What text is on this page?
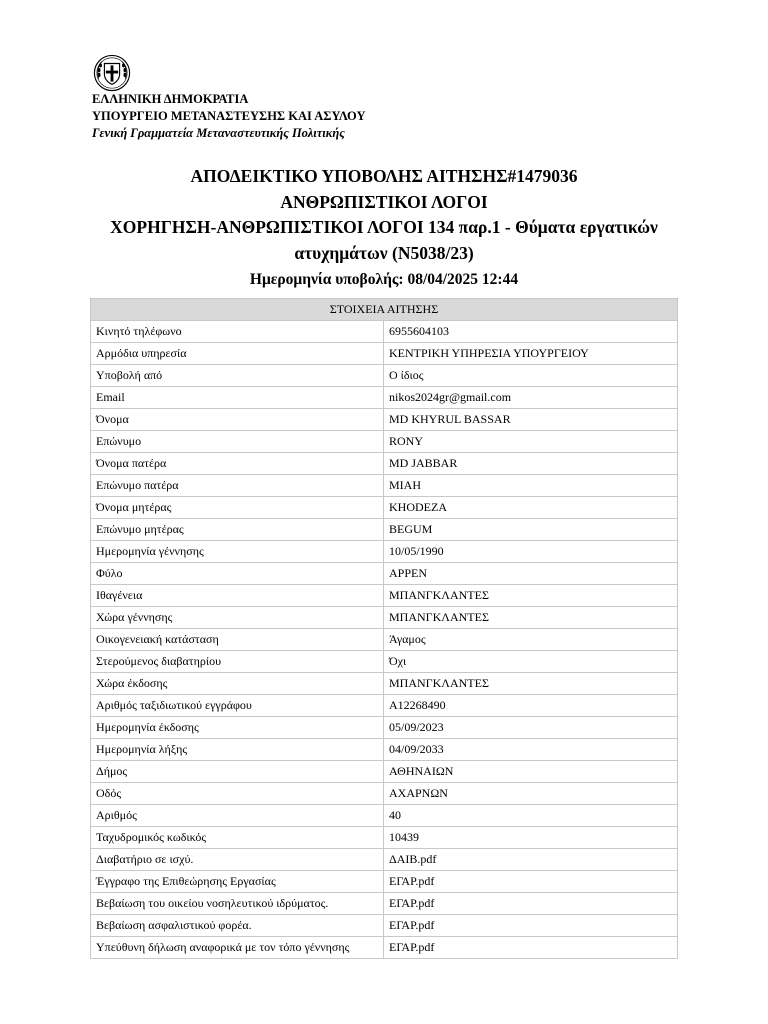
ΕΛΛΗΝΙΚΗ ΔΗΜΟΚΡΑΤΙΑ
ΥΠΟΥΡΓΕΙΟ ΜΕΤΑΝΑΣΤΕΥΣΗΣ ΚΑΙ ΑΣΥΛΟΥ
Γενική Γραμματεία Μεταναστευτικής Πολιτικής
ΑΠΟΔΕΙΚΤΙΚΟ ΥΠΟΒΟΛΗΣ ΑΙΤΗΣΗΣ#1479036
ΑΝΘΡΩΠΙΣΤΙΚΟΙ ΛΟΓΟΙ
ΧΟΡΗΓΗΣΗ-ΑΝΘΡΩΠΙΣΤΙΚΟΙ ΛΟΓΟΙ 134 παρ.1 - Θύματα εργατικών
ατυχημάτων (N5038/23)
Ημερομηνία υποβολής: 08/04/2025 12:44
ΣΤΟΙΧΕΙΑ ΑΙΤΗΣΗΣ	
Κινητό τηλέφωνο	6955604103
Αρμόδια υπηρεσία	ΚΕΝΤΡΙΚΗ ΥΠΗΡΕΣΙΑ ΥΠΟΥΡΓΕΙΟΥ
Υποβολή από	Ο ίδιος
Email	nikos2024gr@gmail.com
Όνομα	MD KHYRUL BASSAR
Επώνυμο	RONY
Όνομα πατέρα	MD JABBAR
Επώνυμο πατέρα	MIAH
Όνομα μητέρας	KHODEZA
Επώνυμο μητέρας	BEGUM
Ημερομηνία γέννησης	10/05/1990
Φύλο	ΑΡΡΕΝ
Ιθαγένεια	ΜΠΑΝΓΚΛΑΝΤΕΣ
Χώρα γέννησης	ΜΠΑΝΓΚΛΑΝΤΕΣ
Οικογενειακή κατάσταση	Άγαμος
Στερούμενος διαβατηρίου	Όχι
Χώρα έκδοσης	ΜΠΑΝΓΚΛΑΝΤΕΣ
Αριθμός ταξιδιωτικού εγγράφου	A12268490
Ημερομηνία έκδοσης	05/09/2023
Ημερομηνία λήξης	04/09/2033
Δήμος	ΑΘΗΝΑΙΩΝ
Οδός	ΑΧΑΡΝΩΝ
Αριθμός	40
Ταχυδρομικός κωδικός	10439
Διαβατήριο σε ισχύ.	ΔΑΙΒ.pdf
Έγγραφο της Επιθεώρησης Εργασίας	ΕΓΑΡ.pdf
Βεβαίωση του οικείου νοσηλευτικού ιδρύματος.	ΕΓΑΡ.pdf
Βεβαίωση ασφαλιστικού φορέα.	ΕΓΑΡ.pdf
Υπεύθυνη δήλωση αναφορικά με τον τόπο γέννησης	ΕΓΑΡ.pdf
